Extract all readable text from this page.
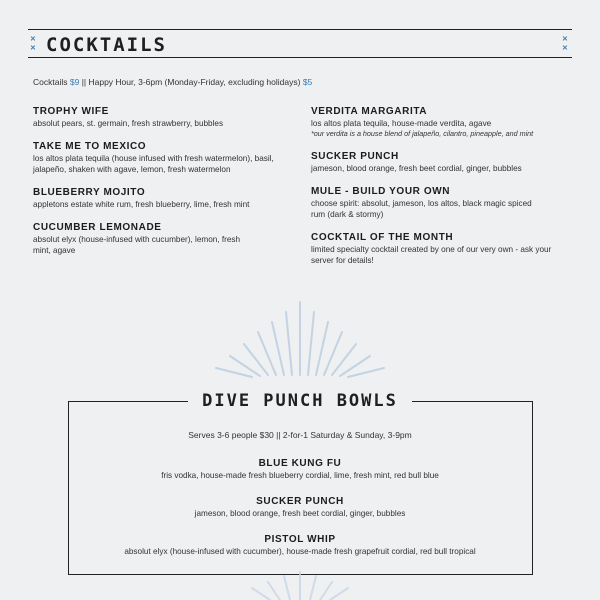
✕
✕
✕
✕
COCKTAILS
Cocktails $9 || Happy Hour, 3-6pm (Monday-Friday, excluding holidays) $5
TROPHY WIFE
absolut pears, st. germain, fresh strawberry, bubbles
TAKE ME TO MEXICO
los altos plata tequila (house infused with fresh watermelon), basil, jalapeño, shaken with agave, lemon, fresh watermelon
BLUEBERRY MOJITO
appletons estate white rum, fresh blueberry, lime, fresh mint
CUCUMBER LEMONADE
absolut elyx (house-infused with cucumber), lemon, fresh mint, agave
VERDITA MARGARITA
los altos plata tequila, house-made verdita, agave
*our verdita is a house blend of jalapeño, cilantro, pineapple, and mint
SUCKER PUNCH
jameson, blood orange, fresh beet cordial, ginger, bubbles
MULE - BUILD YOUR OWN
choose spirit: absolut, jameson, los altos, black magic spiced rum (dark & stormy)
COCKTAIL OF THE MONTH
limited specialty cocktail created by one of our very own - ask your server for details!
DIVE PUNCH BOWLS
Serves 3-6 people $30 || 2-for-1 Saturday & Sunday, 3-9pm
BLUE KUNG FU
fris vodka, house-made fresh blueberry cordial, lime, fresh mint, red bull blue
SUCKER PUNCH
jameson, blood orange, fresh beet cordial, ginger, bubbles
PISTOL WHIP
absolut elyx (house-infused with cucumber), house-made fresh grapefruit cordial, red bull tropical
